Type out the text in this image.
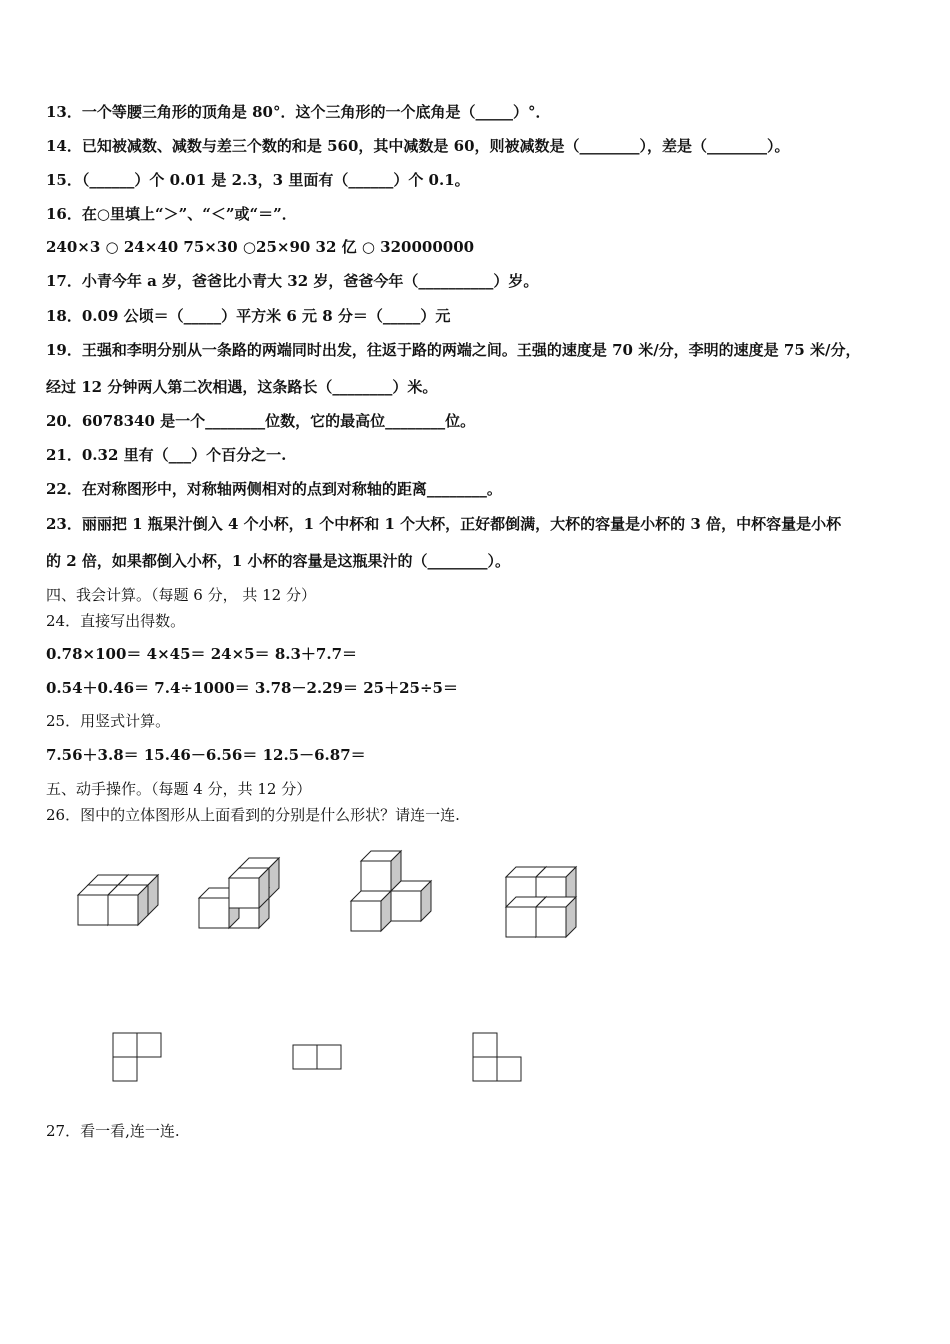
13．一个等腰三角形的顶角是 80°．这个三角形的一个底角是（_____）°．
14．已知被减数、减数与差三个数的和是 560，其中减数是 60，则被减数是（________），差是（________）。
15．（______）个 0.01 是 2.3，3 里面有（______）个 0.1。
16．在○里填上“＞”、“＜”或“＝”．
240×3 ○ 24×40 75×30 ○25×90 32 亿 ○ 320000000
17．小青今年 a 岁，爸爸比小青大 32 岁，爸爸今年（__________）岁。
18．0.09 公顷＝（_____）平方米 6 元 8 分＝（_____）元
19．王强和李明分别从一条路的两端同时出发，往返于路的两端之间。王强的速度是 70 米/分，李明的速度是 75 米/分，
经过 12 分钟两人第二次相遇，这条路长（________）米。
20．6078340 是一个________位数，它的最高位________位。
21．0.32 里有（___）个百分之一.
22．在对称图形中，对称轴两侧相对的点到对称轴的距离________。
23．丽丽把 1 瓶果汁倒入 4 个小杯，1 个中杯和 1 个大杯，正好都倒满，大杯的容量是小杯的 3 倍，中杯容量是小杯
的 2 倍，如果都倒入小杯，1 小杯的容量是这瓶果汁的（________）。
四、我会计算。（每题 6 分， 共 12 分）
24．直接写出得数。
0.78×100＝ 4×45＝ 24×5＝ 8.3＋7.7＝
0.54＋0.46＝ 7.4÷1000＝ 3.78－2.29＝ 25＋25÷5＝
25．用竖式计算。
7.56＋3.8＝ 15.46－6.56＝ 12.5－6.87＝
五、动手操作。（每题 4 分，共 12 分）
26．图中的立体图形从上面看到的分别是什么形状？请连一连.
27．看一看,连一连.
